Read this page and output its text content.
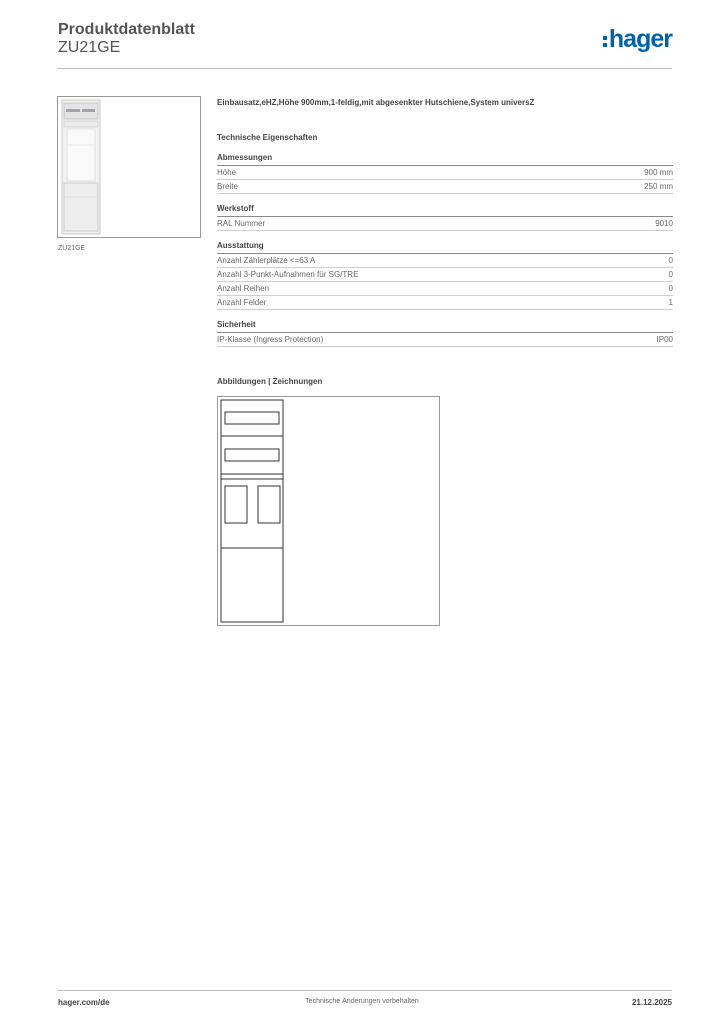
Produktdatenblatt
ZU21GE	hager
ZU21GE
Einbausatz,eHZ,Höhe 900mm,1-feldig,mit abgesenkter Hutschiene,System universZ
Technische Eigenschaften
Abmessungen
Höhe	900 mm
Breite	250 mm
Werkstoff
RAL Nummer	9010
Ausstattung
Anzahl Zählerplätze <=63 A	0
Anzahl 3-Punkt-Aufnahmen für SG/TRE	0
Anzahl Reihen	0
Anzahl Felder	1
Sicherheit
IP-Klasse (Ingress Protection)	IP00
Abbildungen | Zeichnungen
hager.com/de	Technische Änderungen vorbehalten	21.12.2025
